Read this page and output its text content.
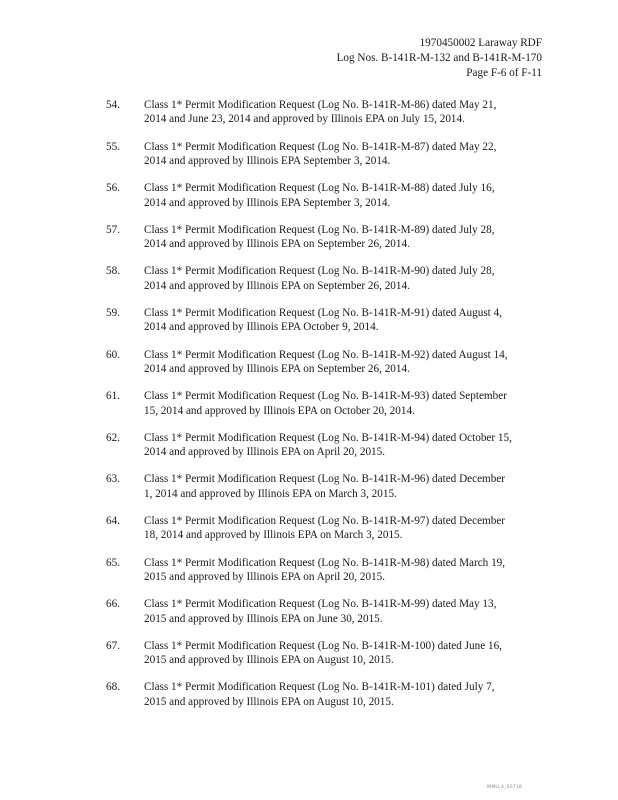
1970450002 Laraway RDF
Log Nos. B-141R-M-132 and B-141R-M-170
Page F-6 of F-11
54.	Class 1* Permit Modification Request (Log No. B-141R-M-86) dated May 21,
2014 and June 23, 2014 and approved by Illinois EPA on July 15, 2014.
55.	Class 1* Permit Modification Request (Log No. B-141R-M-87) dated May 22,
2014 and approved by Illinois EPA September 3, 2014.
56.	Class 1* Permit Modification Request (Log No. B-141R-M-88) dated July 16,
2014 and approved by Illinois EPA September 3, 2014.
57.	Class 1* Permit Modification Request (Log No. B-141R-M-89) dated July 28,
2014 and approved by Illinois EPA on September 26, 2014.
58.	Class 1* Permit Modification Request (Log No. B-141R-M-90) dated July 28,
2014 and approved by Illinois EPA on September 26, 2014.
59.	Class 1* Permit Modification Request (Log No. B-141R-M-91) dated August 4,
2014 and approved by Illinois EPA October 9, 2014.
60.	Class 1* Permit Modification Request (Log No. B-141R-M-92) dated August 14,
2014 and approved by Illinois EPA on September 26, 2014.
61.	Class 1* Permit Modification Request (Log No. B-141R-M-93) dated September
15, 2014 and approved by Illinois EPA on October 20, 2014.
62.	Class 1* Permit Modification Request (Log No. B-141R-M-94) dated October 15,
2014 and approved by Illinois EPA on April 20, 2015.
63.	Class 1* Permit Modification Request (Log No. B-141R-M-96) dated December
1, 2014 and approved by Illinois EPA on March 3, 2015.
64.	Class 1* Permit Modification Request (Log No. B-141R-M-97) dated December
18, 2014 and approved by Illinois EPA on March 3, 2015.
65.	Class 1* Permit Modification Request (Log No. B-141R-M-98) dated March 19,
2015 and approved by Illinois EPA on April 20, 2015.
66.	Class 1* Permit Modification Request (Log No. B-141R-M-99) dated May 13,
2015 and approved by Illinois EPA on June 30, 2015.
67.	Class 1* Permit Modification Request (Log No. B-141R-M-100) dated June 16,
2015 and approved by Illinois EPA on August 10, 2015.
68.	Class 1* Permit Modification Request (Log No. B-141R-M-101) dated July 7,
2015 and approved by Illinois EPA on August 10, 2015.
WMLLA_00718
